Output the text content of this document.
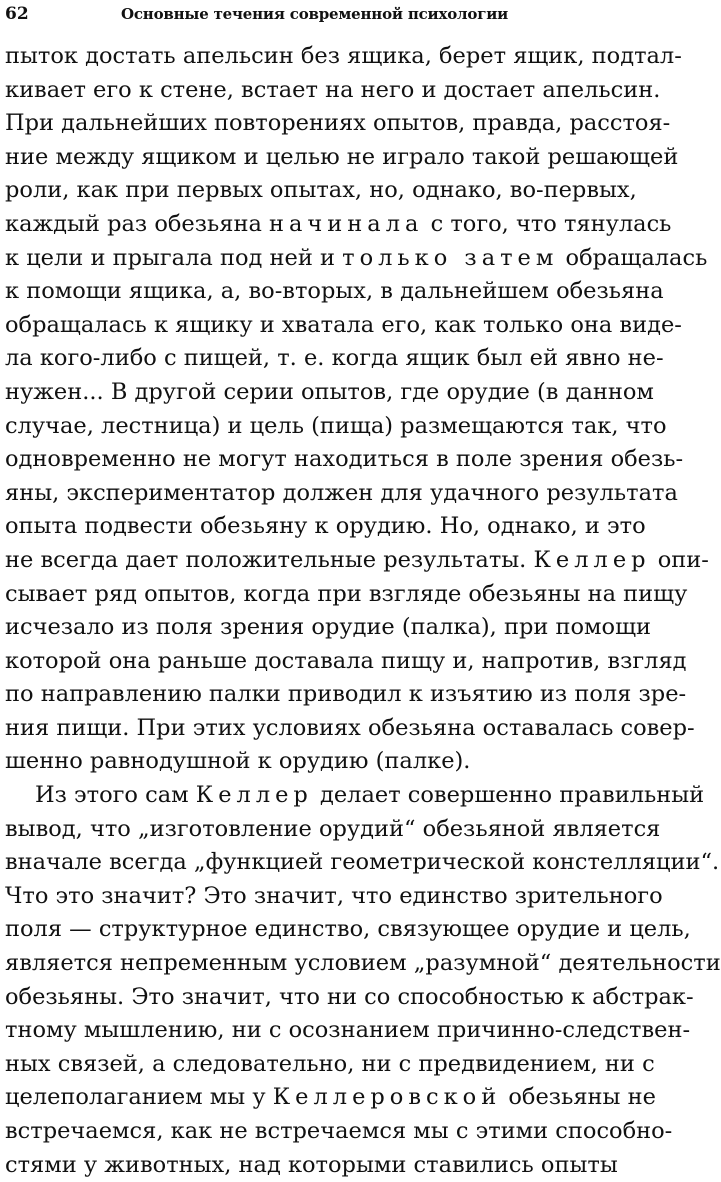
62	Основные течения современной психологии
пыток достать апельсин без ящика, берет ящик, подтал-
кивает его к стене, встает на него и достает апельсин.
При дальнейших повторениях опытов, правда, расстоя-
ние между ящиком и целью не играло такой решающей
роли, как при первых опытах, но, однако, во-первых,
каждый раз обезьяна начинала с того, что тянулась
к цели и прыгала под ней и только затем обращалась
к помощи ящика, а, во-вторых, в дальнейшем обезьяна
обращалась к ящику и хватала его, как только она виде-
ла кого-либо с пищей, т. е. когда ящик был ей явно не-
нужен... В другой серии опытов, где орудие (в данном
случае, лестница) и цель (пища) размещаются так, что
одновременно не могут находиться в поле зрения обезь-
яны, экспериментатор должен для удачного результата
опыта подвести обезьяну к орудию. Но, однако, и это
не всегда дает положительные результаты. Келлер опи-
сывает ряд опытов, когда при взгляде обезьяны на пищу
исчезало из поля зрения орудие (палка), при помощи
которой она раньше доставала пищу и, напротив, взгляд
по направлению палки приводил к изъятию из поля зре-
ния пищи. При этих условиях обезьяна оставалась совер-
шенно равнодушной к орудию (палке).
Из этого сам Келлер делает совершенно правильный
вывод, что „изготовление орудий“ обезьяной является
вначале всегда „функцией геометрической констелляции“.
Что это значит? Это значит, что единство зрительного
поля — структурное единство, связующее орудие и цель,
является непременным условием „разумной“ деятельности
обезьяны. Это значит, что ни со способностью к абстрак-
тному мышлению, ни с осознанием причинно-следствен-
ных связей, а следовательно, ни с предвидением, ни с
целеполаганием мы у Келлеровской обезьяны не
встречаемся, как не встречаемся мы с этими способно-
стями у животных, над которыми ставились опыты
